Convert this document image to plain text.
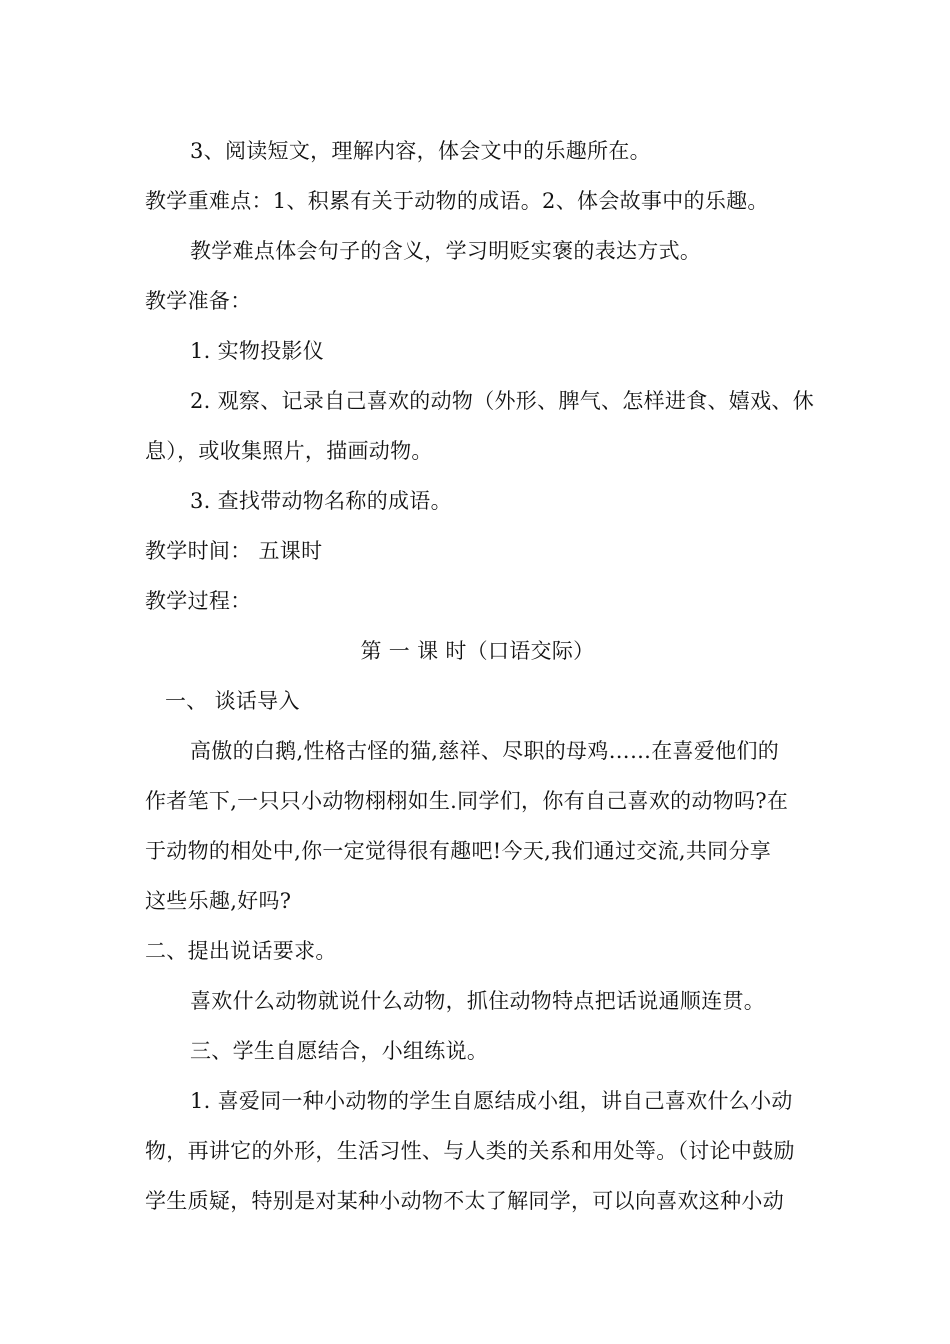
3、阅读短文，理解内容，体会文中的乐趣所在。
教学重难点：1、积累有关于动物的成语。2、体会故事中的乐趣。
教学难点体会句子的含义，学习明贬实褒的表达方式。
教学准备：
1. 实物投影仪
2. 观察、记录自己喜欢的动物（外形、脾气、怎样进食、嬉戏、休
息），或收集照片，描画动物。
3. 查找带动物名称的成语。
教学时间： 五课时
教学过程：
第 一 课 时（口语交际）
一、 谈话导入
高傲的白鹅,性格古怪的猫,慈祥、尽职的母鸡……在喜爱他们的
作者笔下,一只只小动物栩栩如生.同学们，你有自己喜欢的动物吗?在
于动物的相处中,你一定觉得很有趣吧!今天,我们通过交流,共同分享
这些乐趣,好吗?
二、提出说话要求。
喜欢什么动物就说什么动物，抓住动物特点把话说通顺连贯。
三、学生自愿结合，小组练说。
1. 喜爱同一种小动物的学生自愿结成小组，讲自己喜欢什么小动
物，再讲它的外形，生活习性、与人类的关系和用处等。（讨论中鼓励
学生质疑，特别是对某种小动物不太了解同学，可以向喜欢这种小动
